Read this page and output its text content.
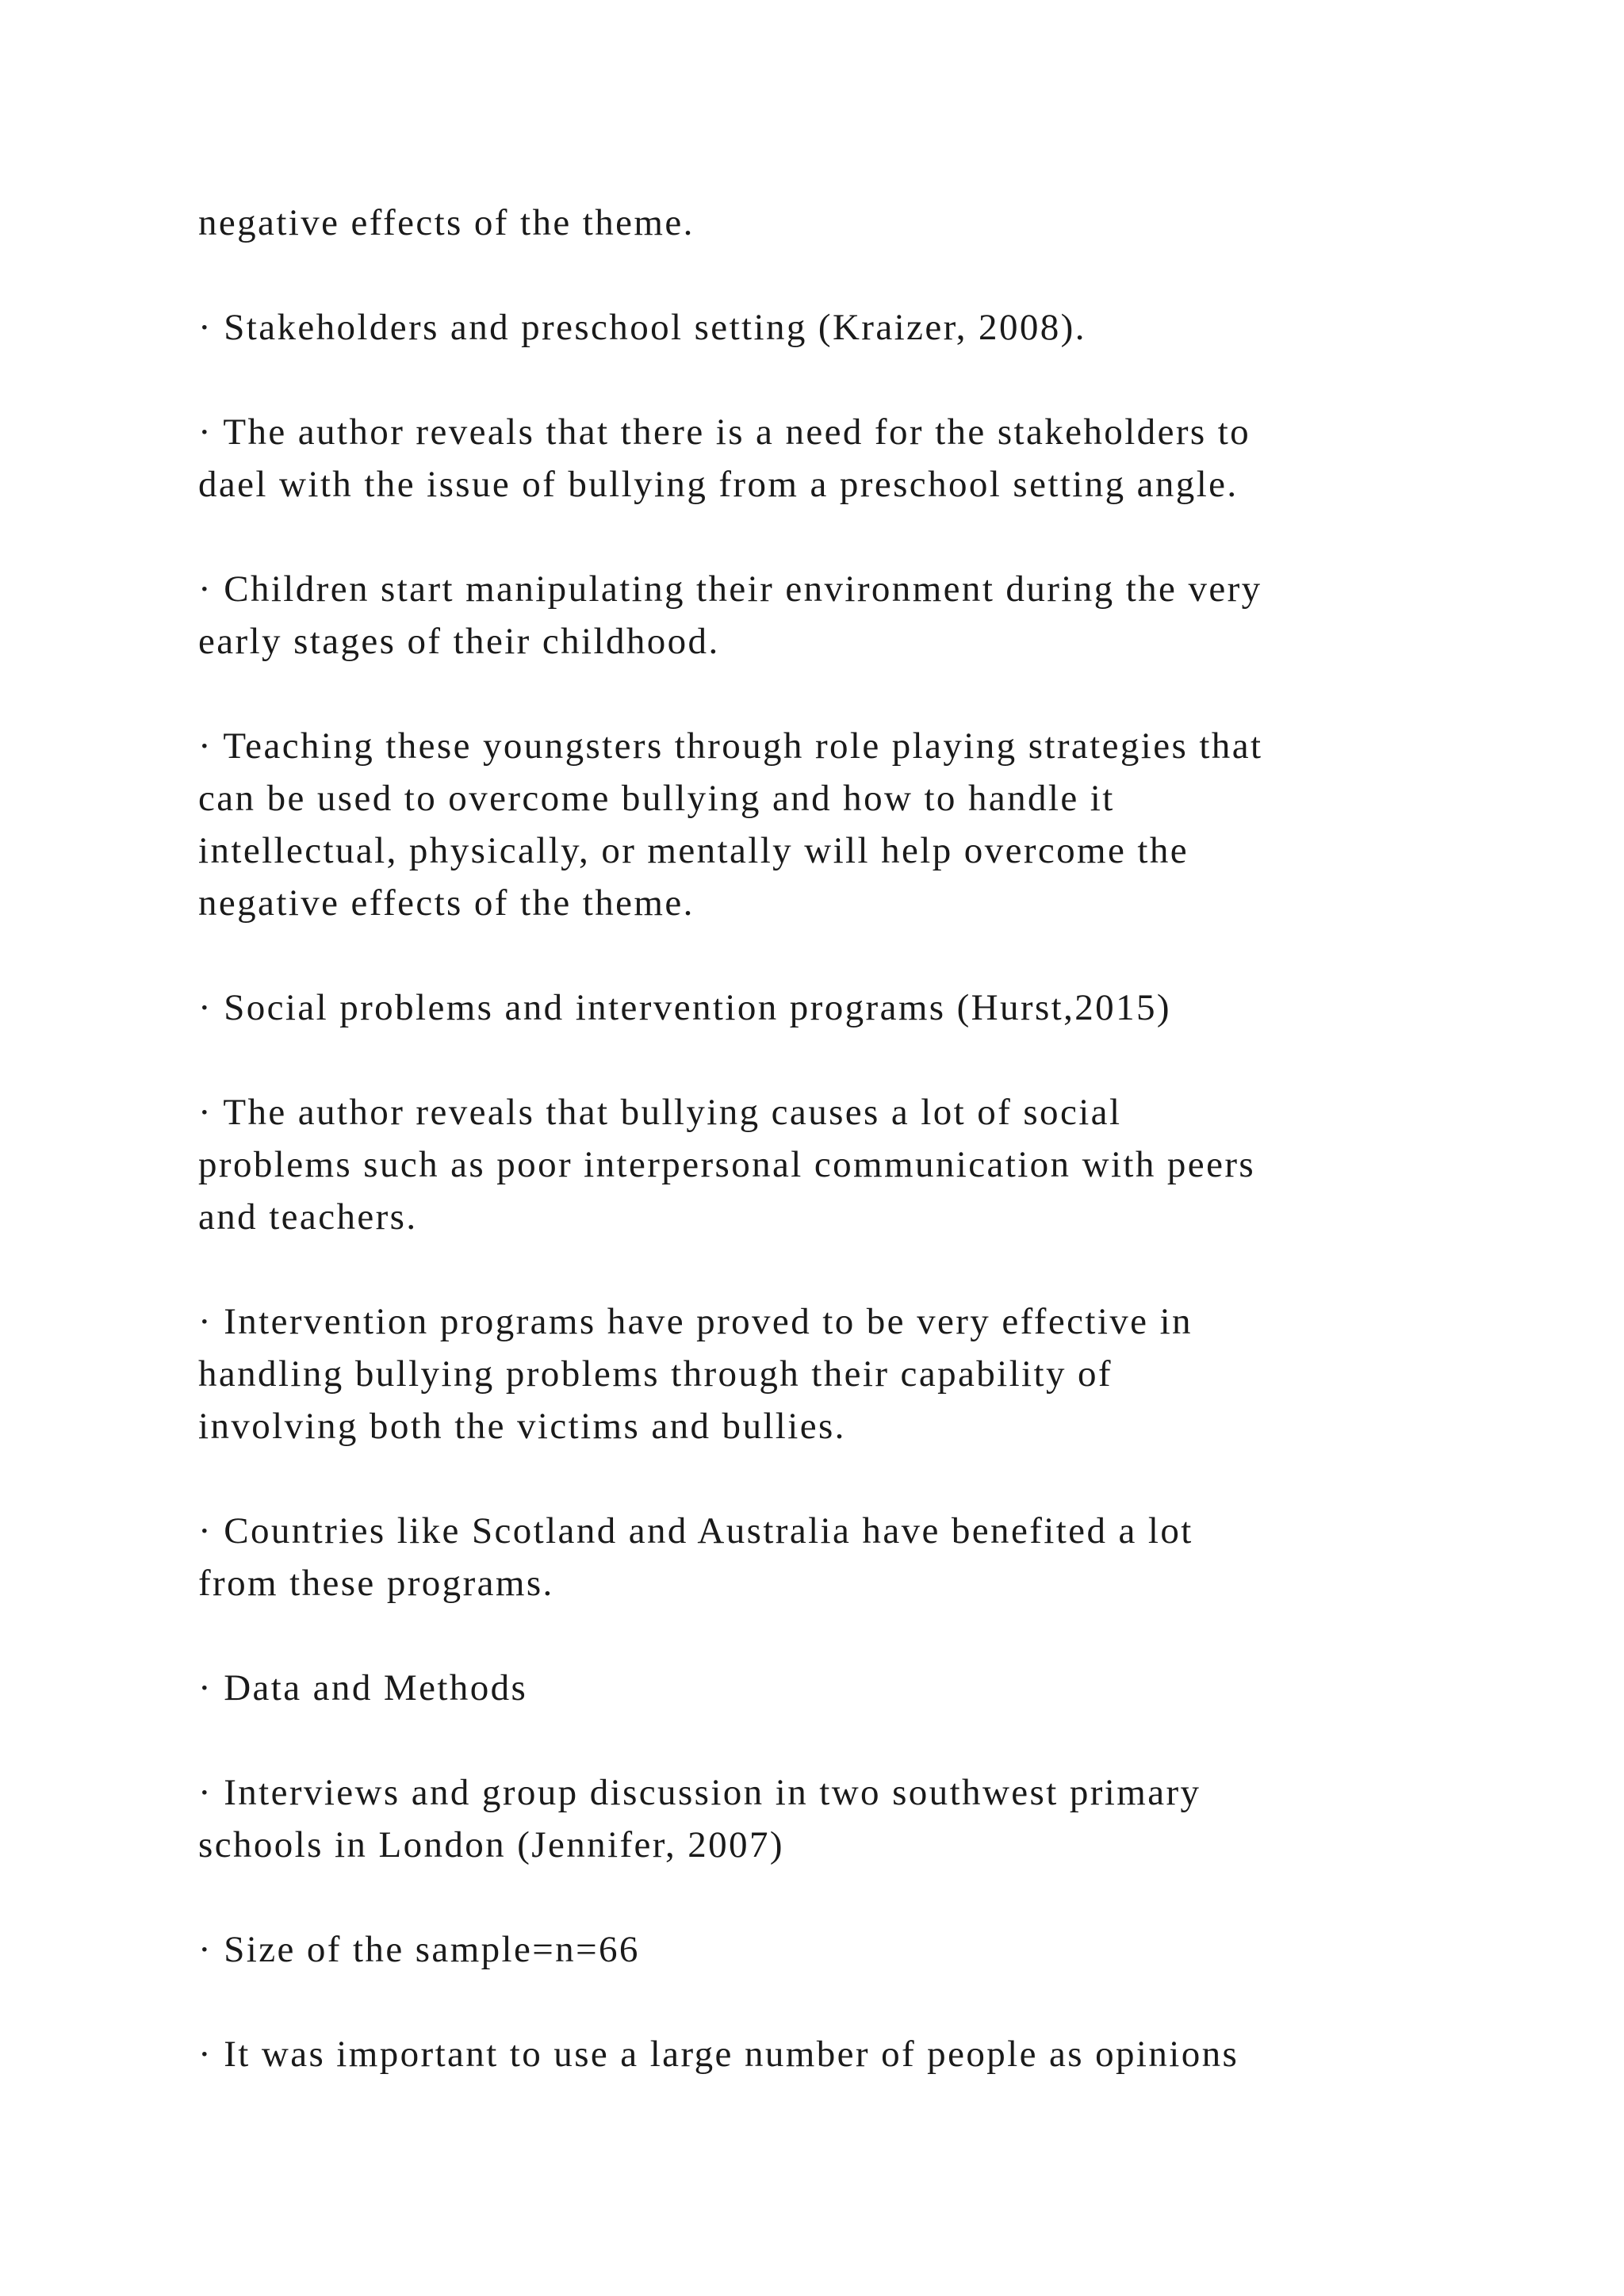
negative effects of the theme.

· Stakeholders and preschool setting (Kraizer, 2008).

· The author reveals that there is a need for the stakeholders to
dael with the issue of bullying from a preschool setting angle.

· Children start manipulating their environment during the very
early stages of their childhood.

· Teaching these youngsters through role playing strategies that
can be used to overcome bullying and how to handle it
intellectual, physically, or mentally will help overcome the
negative effects of the theme.

· Social problems and intervention programs (Hurst,2015)

· The author reveals that bullying causes a lot of social
problems such as poor interpersonal communication with peers
and teachers.

· Intervention programs have proved to be very effective in
handling bullying problems through their capability of
involving both the victims and bullies.

· Countries like Scotland and Australia have benefited a lot
from these programs.

· Data and Methods

· Interviews and group discussion in two southwest primary
schools in London (Jennifer, 2007)

· Size of the sample=n=66

· It was important to use a large number of people as opinions
